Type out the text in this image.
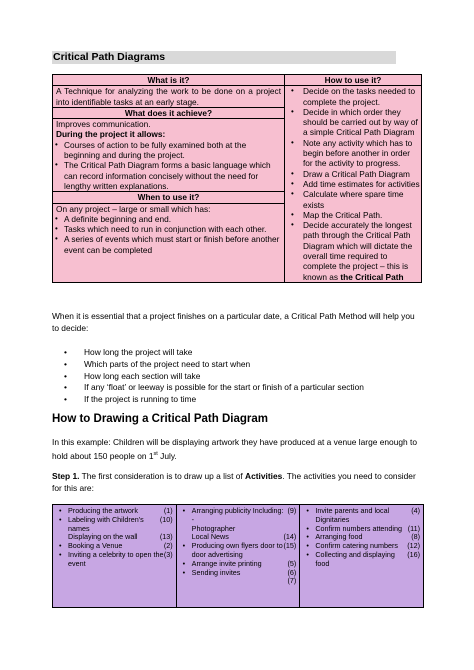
Critical Path Diagrams
What is it?
A Technique for analyzing the work to be done on a project into identifiable tasks at an early stage.
What does it achieve?
Improves communication.
During the project it allows:
• Courses of action to be fully examined both at the beginning and during the project.
• The Critical Path Diagram forms a basic language which can record information concisely without the need for lengthy written explanations.
When to use it?
On any project – large or small which has:
• A definite beginning and end.
• Tasks which need to run in conjunction with each other.
• A series of events which must start or finish before another event can be completed

How to use it?
• Decide on the tasks needed to complete the project.
• Decide in which order they should be carried out by way of a simple Critical Path Diagram
• Note any activity which has to begin before another in order for the activity to progress.
• Draw a Critical Path Diagram
• Add time estimates for activities
• Calculate where spare time exists
• Map the Critical Path.
• Decide accurately the longest path through the Critical Path Diagram which will dictate the overall time required to complete the project – this is known as the Critical Path
When it is essential that a project finishes on a particular date, a Critical Path Method will help you to decide:
• How long the project will take
• Which parts of the project need to start when
• How long each section will take
• If any ‘float’ or leeway is possible for the start or finish of a particular section
• If the project is running to time
How to Drawing a Critical Path Diagram
In this example: Children will be displaying artwork they have produced at a venue large enough to hold about 150 people on 1st July.
Step 1. The first consideration is to draw up a list of Activities. The activities you need to consider for this are:
• Producing the artwork	(1)
• Labeling with Children’s names
(10)
Displaying on the wall	(13)
• Booking a Venue	(2)
• Inviting a celebrity to open the event
(3)

• Arranging publicity Including: -
(9)
Photographer
Local News	(14)
• Producing own flyers door to door advertising
(15)
• Arrange invite printing	(5)
• Sending invites	(6)
(7)

• Invite parents and local Dignitaries
(4)
• Confirm numbers attending (11)
• Arranging food	(8)
• Confirm catering numbers (12)
• Collecting and displaying food
(16)
